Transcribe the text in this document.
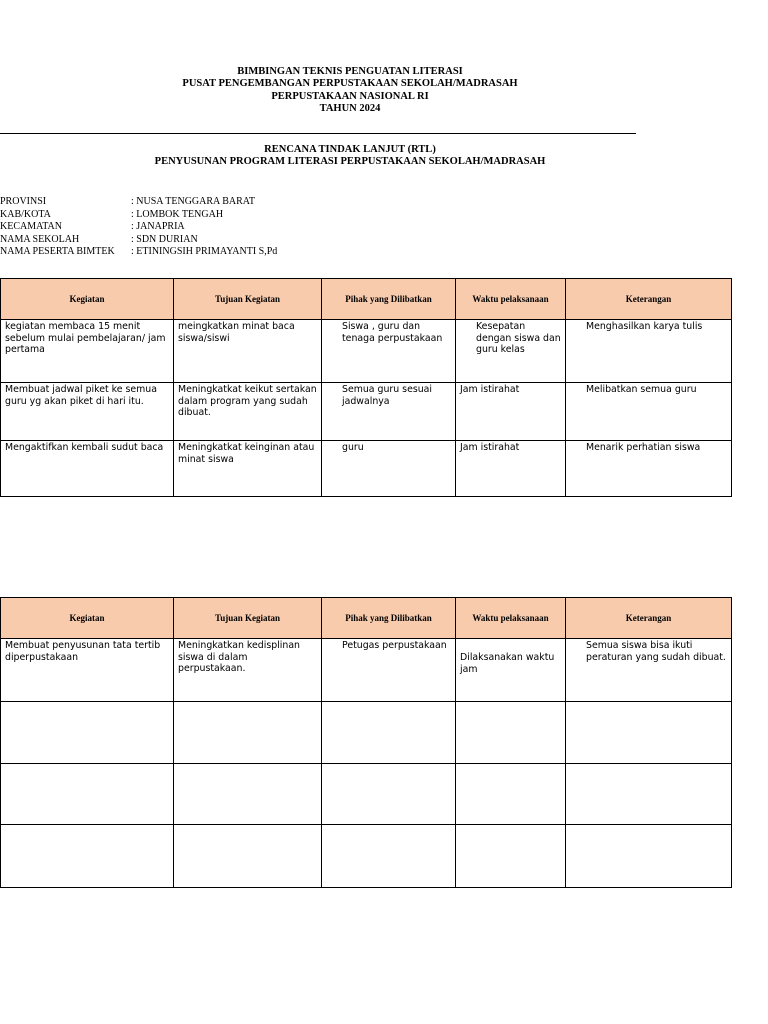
BIMBINGAN TEKNIS PENGUATAN LITERASI
PUSAT PENGEMBANGAN PERPUSTAKAAN SEKOLAH/MADRASAH
PERPUSTAKAAN NASIONAL RI
TAHUN 2024
RENCANA TINDAK LANJUT (RTL)
PENYUSUNAN PROGRAM LITERASI PERPUSTAKAAN SEKOLAH/MADRASAH
PROVINSI	: NUSA TENGGARA BARAT
KAB/KOTA	: LOMBOK TENGAH
KECAMATAN	: JANAPRIA
NAMA SEKOLAH	: SDN DURIAN
NAMA PESERTA BIMTEK	: ETININGSIH PRIMAYANTI S,Pd
Kegiatan	Tujuan Kegiatan	Pihak yang Dilibatkan	Waktu pelaksanaan	Keterangan
kegiatan membaca 15 menit sebelum mulai pembelajaran/ jam pertama	meingkatkan minat baca siswa/siswi	Siswa , guru dan tenaga perpustakaan	Kesepatan dengan siswa dan guru kelas	Menghasilkan karya tulis
Membuat jadwal piket ke semua guru yg akan piket di hari itu.	Meningkatkat keikut sertakan dalam program yang sudah dibuat.	Semua guru sesuai jadwalnya	Jam istirahat	Melibatkan semua guru
Mengaktifkan kembali sudut baca	Meningkatkat keinginan atau minat siswa	guru	Jam istirahat	Menarik perhatian siswa
Kegiatan	Tujuan Kegiatan	Pihak yang Dilibatkan	Waktu pelaksanaan	Keterangan
Membuat penyusunan tata tertib diperpustakaan	Meningkatkan kedisplinan siswa di dalam perpustakaan.	Petugas perpustakaan	Dilaksanakan waktu jam	Semua siswa bisa ikuti peraturan yang sudah dibuat.
